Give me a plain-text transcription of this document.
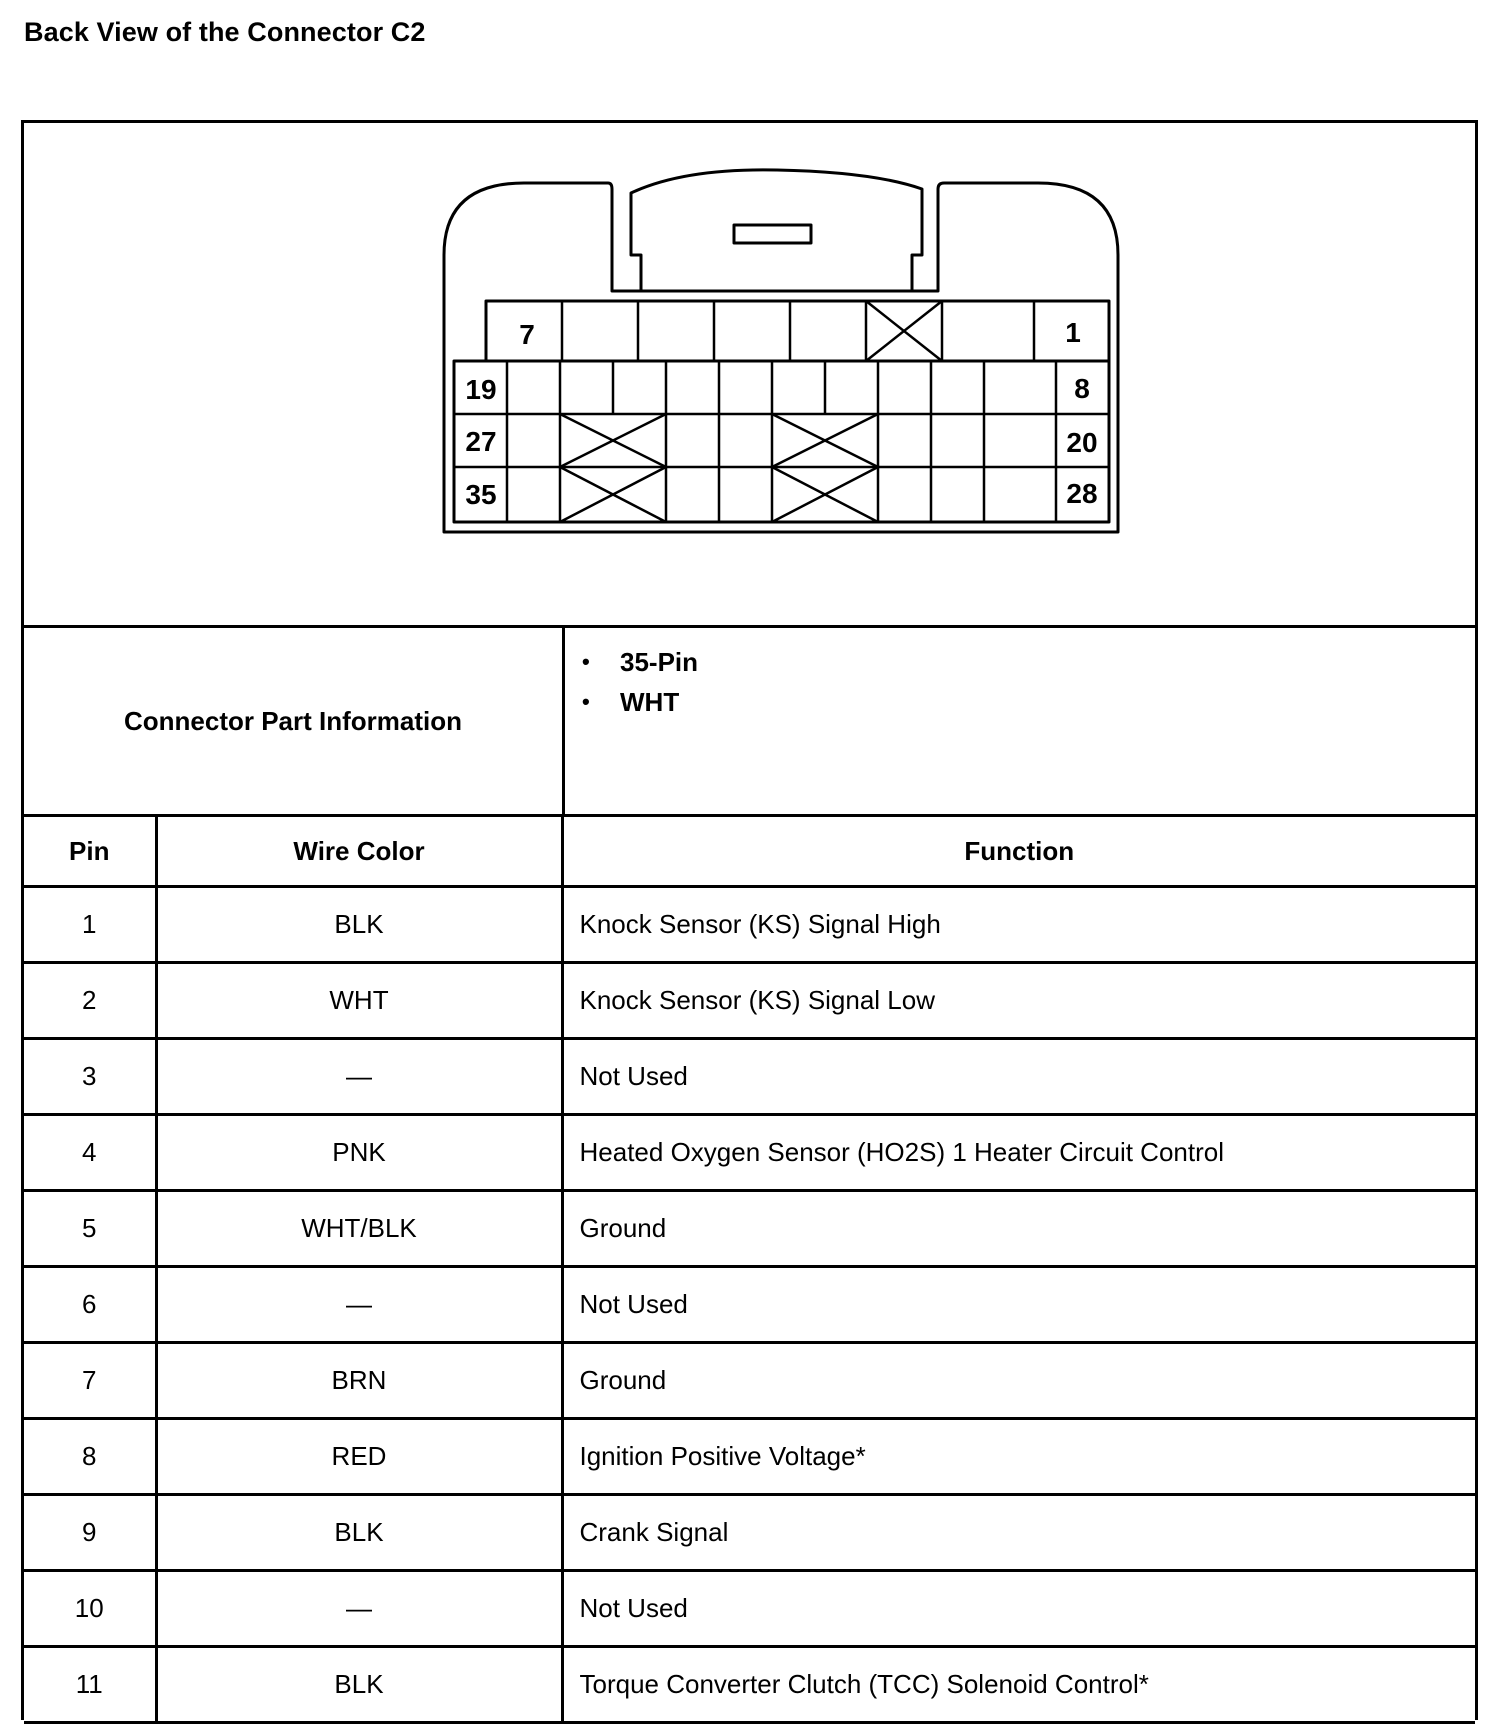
Back View of the Connector C2
7	1
19	8
27	20
35	28
Connector Part Information
• 35-Pin
• WHT
Pin	Wire Color	Function
1	BLK	Knock Sensor (KS) Signal High
2	WHT	Knock Sensor (KS) Signal Low
3	—	Not Used
4	PNK	Heated Oxygen Sensor (HO2S) 1 Heater Circuit Control
5	WHT/BLK	Ground
6	—	Not Used
7	BRN	Ground
8	RED	Ignition Positive Voltage*
9	BLK	Crank Signal
10	—	Not Used
11	BLK	Torque Converter Clutch (TCC) Solenoid Control*
